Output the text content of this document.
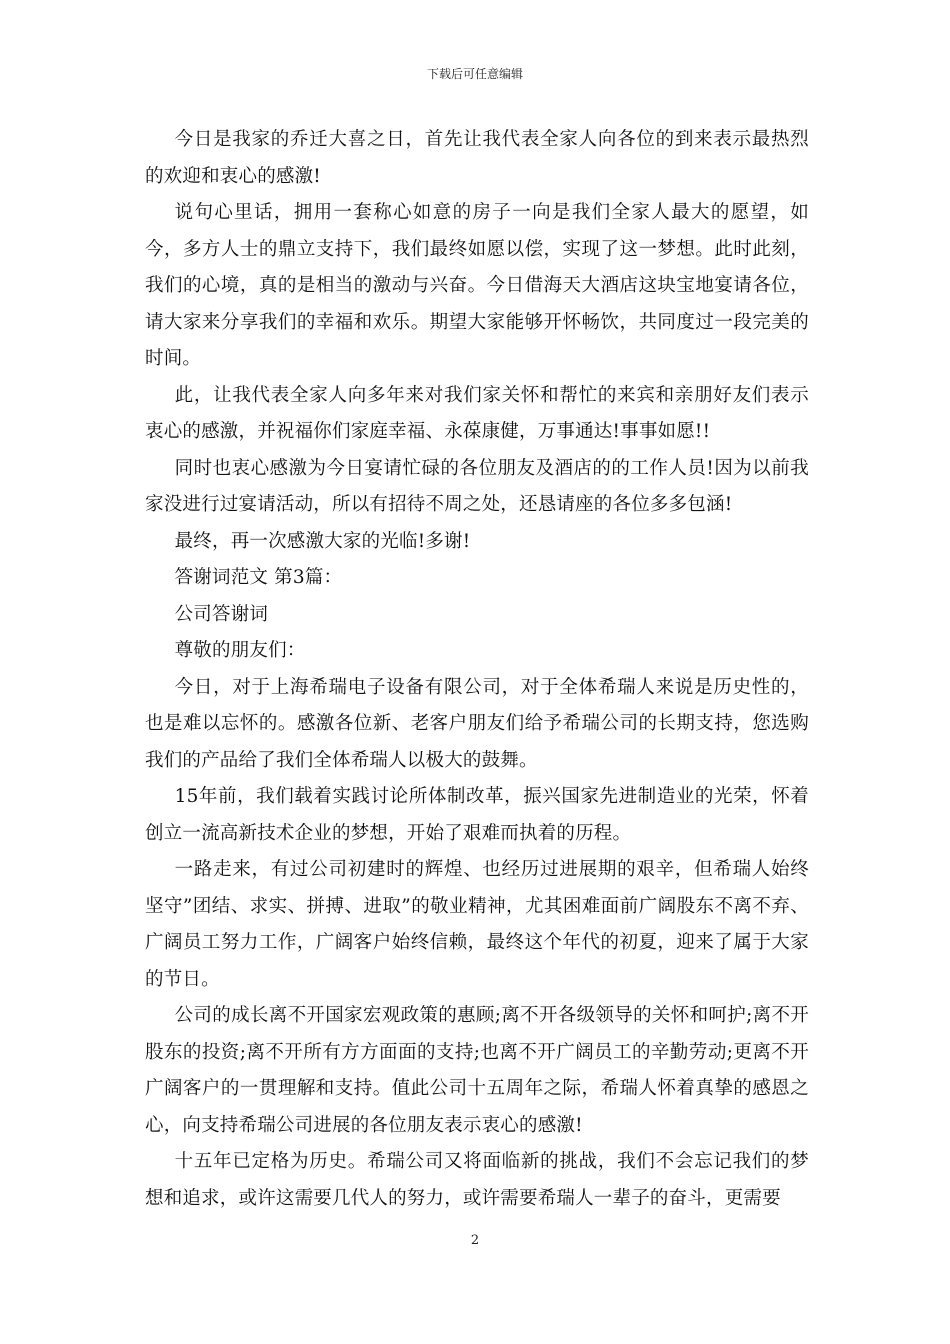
下载后可任意编辑

今日是我家的乔迁大喜之日，首先让我代表全家人向各位的到来表示最热烈的欢迎和衷心的感激!

说句心里话，拥用一套称心如意的房子一向是我们全家人最大的愿望，如今，多方人士的鼎立支持下，我们最终如愿以偿，实现了这一梦想。此时此刻，我们的心境，真的是相当的激动与兴奋。今日借海天大酒店这块宝地宴请各位，请大家来分享我们的幸福和欢乐。期望大家能够开怀畅饮，共同度过一段完美的时间。

此，让我代表全家人向多年来对我们家关怀和帮忙的来宾和亲朋好友们表示衷心的感激，并祝福你们家庭幸福、永葆康健，万事通达!事事如愿!!

同时也衷心感激为今日宴请忙碌的各位朋友及酒店的的工作人员!因为以前我家没进行过宴请活动，所以有招待不周之处，还恳请座的各位多多包涵!

最终，再一次感激大家的光临!多谢!

答谢词范文 第3篇：

公司答谢词

尊敬的朋友们：

今日，对于上海希瑞电子设备有限公司，对于全体希瑞人来说是历史性的，也是难以忘怀的。感激各位新、老客户朋友们给予希瑞公司的长期支持，您选购我们的产品给了我们全体希瑞人以极大的鼓舞。

15年前，我们载着实践讨论所体制改革，振兴国家先进制造业的光荣，怀着创立一流高新技术企业的梦想，开始了艰难而执着的历程。

一路走来，有过公司初建时的辉煌、也经历过进展期的艰辛，但希瑞人始终坚守”团结、求实、拼搏、进取”的敬业精神，尤其困难面前广阔股东不离不弃、广阔员工努力工作，广阔客户始终信赖，最终这个年代的初夏，迎来了属于大家的节日。

公司的成长离不开国家宏观政策的惠顾;离不开各级领导的关怀和呵护;离不开股东的投资;离不开所有方方面面的支持;也离不开广阔员工的辛勤劳动;更离不开广阔客户的一贯理解和支持。值此公司十五周年之际，希瑞人怀着真挚的感恩之心，向支持希瑞公司进展的各位朋友表示衷心的感激!

十五年已定格为历史。希瑞公司又将面临新的挑战，我们不会忘记我们的梦想和追求，或许这需要几代人的努力，或许需要希瑞人一辈子的奋斗，更需要

2
